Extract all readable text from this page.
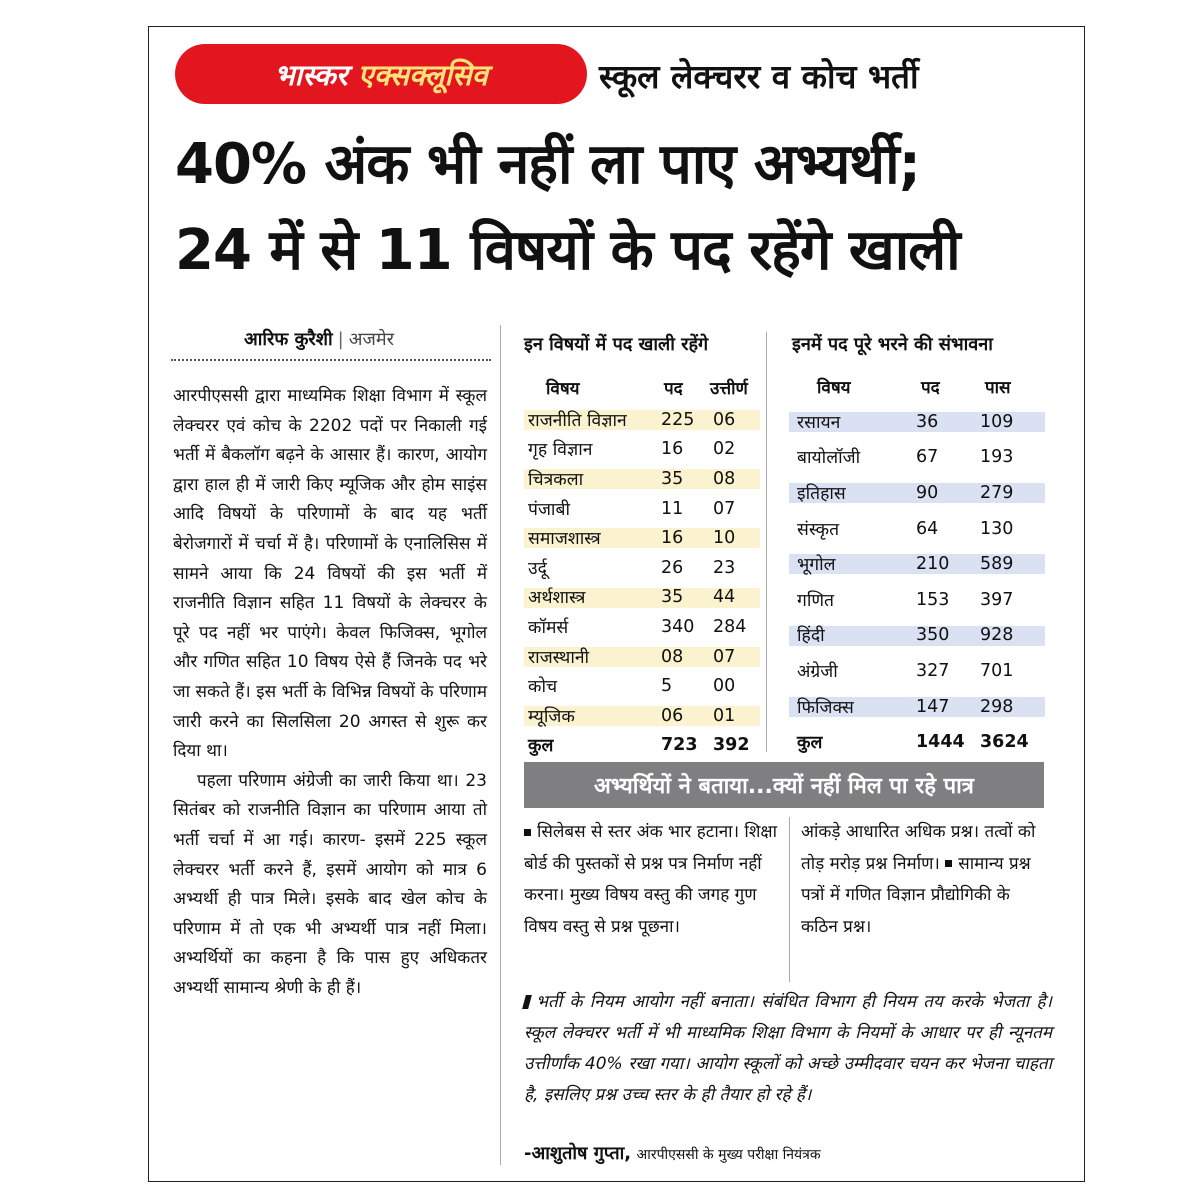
भास्कर
एक्सक्लूसिव	स्कूल लेक्चरर व कोच भर्ती
40% अंक भी नहीं ला पाए अभ्यर्थी;
24 में से 11 विषयों के पद रहेंगे खाली
आरिफ कुरैशी | अजमेर

आरपीएससी द्वारा माध्यमिक शिक्षा विभाग में स्कूल लेक्चरर एवं कोच के 2202 पदों पर निकाली गई भर्ती में बैकलॉग बढ़ने के आसार हैं। कारण, आयोग द्वारा हाल ही में जारी किए म्यूजिक और होम साइंस आदि विषयों के परिणामों के बाद यह भर्ती बेरोजगारों में चर्चा में है। परिणामों के एनालिसिस में सामने आया कि 24 विषयों की इस भर्ती में राजनीति विज्ञान सहित 11 विषयों के लेक्चरर के पूरे पद नहीं भर पाएंगे। केवल फिजिक्स, भूगोल और गणित सहित 10 विषय ऐसे हैं जिनके पद भरे जा सकते हैं। इस भर्ती के विभिन्न विषयों के परिणाम जारी करने का सिलसिला 20 अगस्त से शुरू कर दिया था।

पहला परिणाम अंग्रेजी का जारी किया था। 23 सितंबर को राजनीति विज्ञान का परिणाम आया तो भर्ती चर्चा में आ गई। कारण- इसमें 225 स्कूल लेक्चरर भर्ती करने हैं, इसमें आयोग को मात्र 6 अभ्यर्थी ही पात्र मिले। इसके बाद खेल कोच के परिणाम में तो एक भी अभ्यर्थी पात्र नहीं मिला। अभ्यर्थियों का कहना है कि पास हुए अधिकतर अभ्यर्थी सामान्य श्रेणी के ही हैं।

इन विषयों में पद खाली रहेंगे
विषय	पद उत्तीर्ण
राजनीति विज्ञान 225 06
गृह विज्ञान	16 02
चित्रकला	35 08
पंजाबी	11 07
समाजशास्त्र	16 10
उर्दू	26 23
अर्थशास्त्र	35 44
कॉमर्स	340 284
राजस्थानी	08 07
कोच	5 00
म्यूजिक	06 01
कुल	723 392
इनमें पद पूरे भरने की संभावना
विषय	पद	पास
रसायन	36 109
बायोलॉजी	67 193
इतिहास	90 279
संस्कृत	64 130
भूगोल	210 589
गणित	153 397
हिंदी	350 928
अंग्रेजी	327 701
फिजिक्स	147 298
कुल	1444 3624
अभ्यर्थियों ने बताया...क्यों नहीं मिल पा रहे पात्र
सिलेबस से स्तर अंक भार हटाना। शिक्षा बोर्ड की पुस्तकों से प्रश्न पत्र निर्माण नहीं करना। मुख्य विषय वस्तु की जगह गुण विषय वस्तु से प्रश्न पूछना।
आंकड़े आधारित अधिक प्रश्न। तत्वों को तोड़ मरोड़ प्रश्न निर्माण। सामान्य प्रश्न पत्रों में गणित विज्ञान प्रौद्योगिकी के कठिन प्रश्न।
भर्ती के नियम आयोग नहीं बनाता। संबंधित विभाग ही नियम तय करके भेजता है। स्कूल लेक्चरर भर्ती में भी माध्यमिक शिक्षा विभाग के नियमों के आधार पर ही न्यूनतम उत्तीर्णांक 40% रखा गया। आयोग स्कूलों को अच्छे उम्मीदवार चयन कर भेजना चाहता है, इसलिए प्रश्न उच्च स्तर के ही तैयार हो रहे हैं।
-आशुतोष गुप्ता, आरपीएससी के मुख्य परीक्षा नियंत्रक
